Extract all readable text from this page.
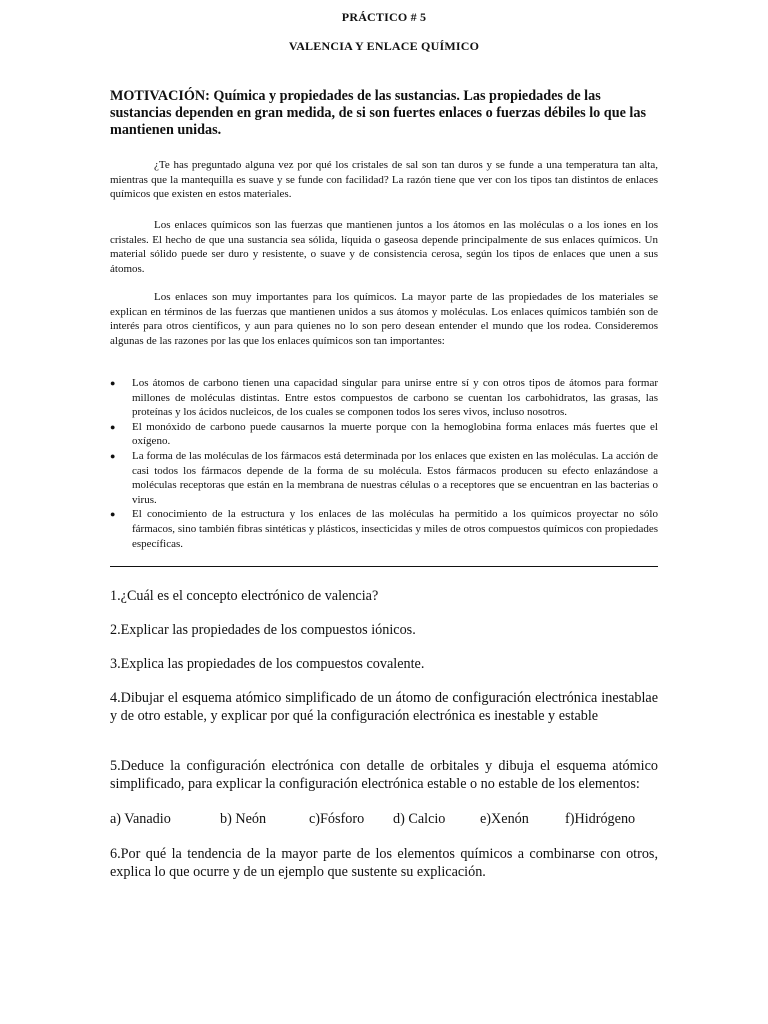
PRÁCTICO # 5
VALENCIA Y ENLACE QUÍMICO

MOTIVACIÓN: Química y propiedades de las sustancias. Las propiedades de las sustancias dependen en gran medida, de si son fuertes enlaces o fuerzas débiles lo que las mantienen unidas.

¿Te has preguntado alguna vez por qué los cristales de sal son tan duros y se funde a una temperatura tan alta, mientras que la mantequilla es suave y se funde con facilidad? La razón tiene que ver con los tipos tan distintos de enlaces químicos que existen en estos materiales.

Los enlaces químicos son las fuerzas que mantienen juntos a los átomos en las moléculas o a los iones en los cristales. El hecho de que una sustancia sea sólida, líquida o gaseosa depende principalmente de sus enlaces químicos. Un material sólido puede ser duro y resistente, o suave y de consistencia cerosa, según los tipos de enlaces que unen a sus átomos.

Los enlaces son muy importantes para los químicos. La mayor parte de las propiedades de los materiales se explican en términos de las fuerzas que mantienen unidos a sus átomos y moléculas. Los enlaces químicos también son de interés para otros científicos, y aun para quienes no lo son pero desean entender el mundo que los rodea. Consideremos algunas de las razones por las que los enlaces químicos son tan importantes:

● Los átomos de carbono tienen una capacidad singular para unirse entre sí y con otros tipos de átomos para formar millones de moléculas distintas. Entre estos compuestos de carbono se cuentan los carbohidratos, las grasas, las proteínas y los ácidos nucleicos, de los cuales se componen todos los seres vivos, incluso nosotros.
● El monóxido de carbono puede causarnos la muerte porque con la hemoglobina forma enlaces más fuertes que el oxígeno.
● La forma de las moléculas de los fármacos está determinada por los enlaces que existen en las moléculas. La acción de casi todos los fármacos depende de la forma de su molécula. Estos fármacos producen su efecto enlazándose a moléculas receptoras que están en la membrana de nuestras células o a receptores que se encuentran en las bacterias o virus.
● El conocimiento de la estructura y los enlaces de las moléculas ha permitido a los químicos proyectar no sólo fármacos, sino también fibras sintéticas y plásticos, insecticidas y miles de otros compuestos químicos con propiedades específicas.

1.¿Cuál es el concepto electrónico de valencia?

2.Explicar las propiedades de los compuestos iónicos.

3.Explica las propiedades de los compuestos covalente.

4.Dibujar el esquema atómico simplificado de un átomo de configuración electrónica inestablae y de otro estable, y explicar por qué la configuración electrónica es inestable y estable

5.Deduce la configuración electrónica con detalle de orbitales y dibuja el esquema atómico simplificado, para explicar la configuración electrónica estable o no estable de los elementos:

a) Vanadio	b) Neón	c)Fósforo d) Calcio e)Xenón	f)Hidrógeno

6.Por qué la tendencia de la mayor parte de los elementos químicos a combinarse con otros, explica lo que ocurre y de un ejemplo que sustente su explicación.
